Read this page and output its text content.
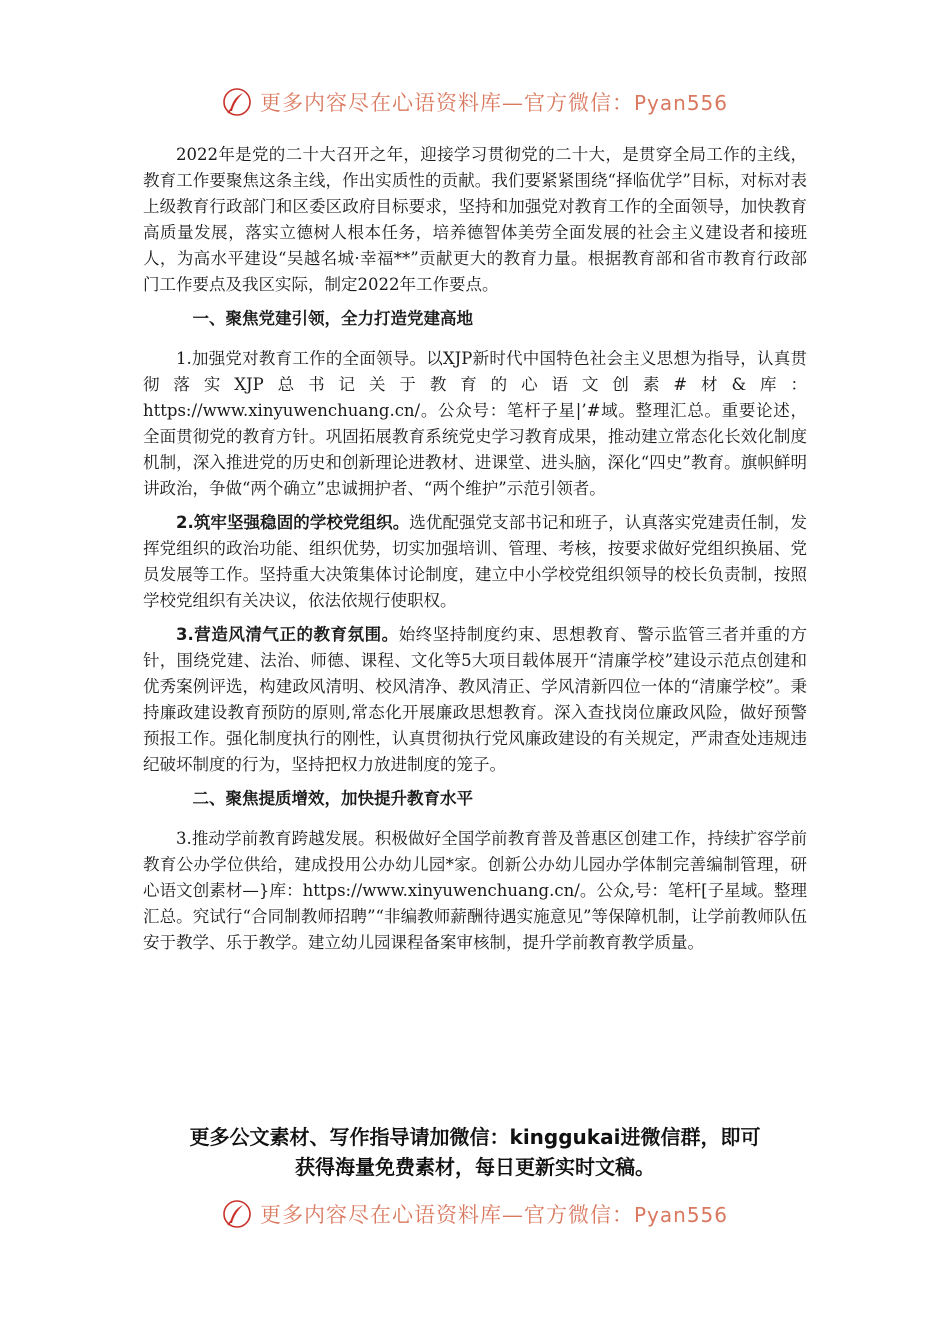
更多内容尽在心语资料库—官方微信：Pyan556

2022年是党的二十大召开之年，迎接学习贯彻党的二十大，是贯穿全局工作的主线，教育工作要聚焦这条主线，作出实质性的贡献。我们要紧紧围绕“择临优学”目标，对标对表上级教育行政部门和区委区政府目标要求，坚持和加强党对教育工作的全面领导，加快教育高质量发展，落实立德树人根本任务，培养德智体美劳全面发展的社会主义建设者和接班人，为高水平建设“吴越名城·幸福**”贡献更大的教育力量。根据教育部和省市教育行政部门工作要点及我区实际，制定2022年工作要点。

一、聚焦党建引领，全力打造党建高地

1.加强党对教育工作的全面领导。以XJP新时代中国特色社会主义思想为指导，认真贯彻落实XJP总书记关于教育的心语文创素#材&库：https://www.xinyuwenchuang.cn/。公众号：笔杆子星|’#域。整理汇总。重要论述，全面贯彻党的教育方针。巩固拓展教育系统党史学习教育成果，推动建立常态化长效化制度机制，深入推进党的历史和创新理论进教材、进课堂、进头脑，深化“四史”教育。旗帜鲜明讲政治，争做“两个确立”忠诚拥护者、“两个维护”示范引领者。

2.筑牢坚强稳固的学校党组织。选优配强党支部书记和班子，认真落实党建责任制，发挥党组织的政治功能、组织优势，切实加强培训、管理、考核，按要求做好党组织换届、党员发展等工作。坚持重大决策集体讨论制度，建立中小学校党组织领导的校长负责制，按照学校党组织有关决议，依法依规行使职权。

3.营造风清气正的教育氛围。始终坚持制度约束、思想教育、警示监管三者并重的方针，围绕党建、法治、师德、课程、文化等5大项目载体展开“清廉学校”建设示范点创建和优秀案例评选，构建政风清明、校风清净、教风清正、学风清新四位一体的“清廉学校”。秉持廉政建设教育预防的原则,常态化开展廉政思想教育。深入查找岗位廉政风险，做好预警预报工作。强化制度执行的刚性，认真贯彻执行党风廉政建设的有关规定，严肃查处违规违纪破坏制度的行为，坚持把权力放进制度的笼子。

二、聚焦提质增效，加快提升教育水平

3.推动学前教育跨越发展。积极做好全国学前教育普及普惠区创建工作，持续扩容学前教育公办学位供给，建成投用公办幼儿园*家。创新公办幼儿园办学体制完善编制管理，研心语文创素材—}库：https://www.xinyuwenchuang.cn/。公众,号：笔杆[子星域。整理汇总。究试行“合同制教师招聘”“非编教师薪酬待遇实施意见”等保障机制，让学前教师队伍安于教学、乐于教学。建立幼儿园课程备案审核制，提升学前教育教学质量。

更多公文素材、写作指导请加微信：kinggukai进微信群，即可
获得海量免费素材，每日更新实时文稿。
更多内容尽在心语资料库—官方微信：Pyan556
